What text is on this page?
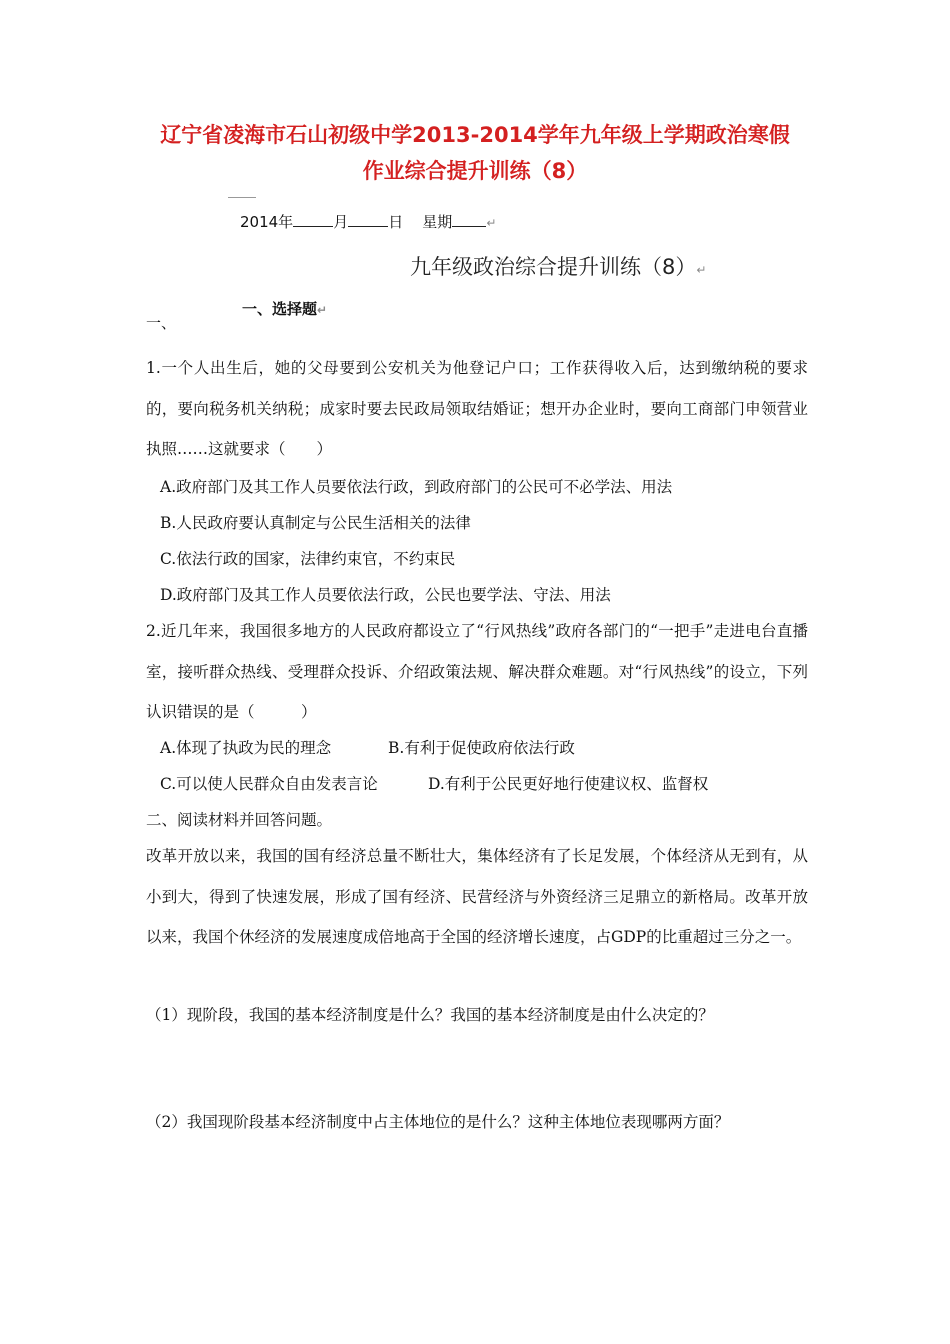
辽宁省凌海市石山初级中学2013-2014学年九年级上学期政治寒假
作业综合提升训练（8）
2014年	月	日 星期	↵
九年级政治综合提升训练（8）↵
一、选择题↵
一、

1.一个人出生后，她的父母要到公安机关为他登记户口；工作获得收入后，达到缴纳税的要求的，要向税务机关纳税；成家时要去民政局领取结婚证；想开办企业时，要向工商部门申领营业执照……这就要求（　　）

A.政府部门及其工作人员要依法行政，到政府部门的公民可不必学法、用法
B.人民政府要认真制定与公民生活相关的法律
C.依法行政的国家，法律约束官，不约束民
D.政府部门及其工作人员要依法行政，公民也要学法、守法、用法

2.近几年来，我国很多地方的人民政府都设立了“行风热线”政府各部门的“一把手”走进电台直播室，接听群众热线、受理群众投诉、介绍政策法规、解决群众难题。对“行风热线”的设立，下列认识错误的是（　　　）

A.体现了执政为民的理念	B.有利于促使政府依法行政
C.可以使人民群众自由发表言论	D.有利于公民更好地行使建议权、监督权
二、阅读材料并回答问题。

改革开放以来，我国的国有经济总量不断壮大，集体经济有了长足发展，个体经济从无到有，从小到大，得到了快速发展，形成了国有经济、民营经济与外资经济三足鼎立的新格局。改革开放以来，我国个休经济的发展速度成倍地高于全国的经济增长速度，占GDP的比重超过三分之一。

（1）现阶段，我国的基本经济制度是什么？我国的基本经济制度是由什么决定的？
（2）我国现阶段基本经济制度中占主体地位的是什么？这种主体地位表现哪两方面？
